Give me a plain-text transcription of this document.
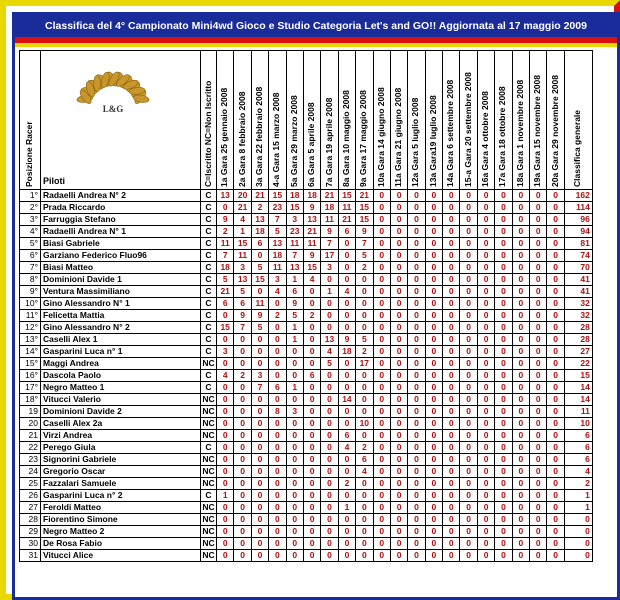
Classifica del 4° Campionato Mini4wd Gioco e Studio Categoria Let's and GO!! Aggiornata al 17 maggio 2009
Posizione Racer	L&G
Piloti	C=Iscritto NC=Non Iscritto	1a Gara 25 gennaio 2008	2a Gara 8 febbraio 2008	3a Gara 22 febbraio 2008	4-a Gara 15 marzo 2008	5a Gara 29 marzo 2008	6a Gara 5 aprile 2008	7a Gara 19 aprile 2008	8a Gara 10 maggio 2008	9a Gara 17 maggio 2008	10a Gara 14 giugno 2008	11a Gara 21 giugno 2008	12a Gara 5 luglio 2008	13a Gara19 luglio 2008	14a Gara 6 settembre 2008	15-a Gara 20 settembre 2008	16a Gara 4 ottobre 2008	17a Gara 18 ottobre 2008	18a Gara 1 novembre 2008	19a Gara 15 novembre 2008	20a Gara 29 novembre 2008	Classifica generale

1°	Radaelli Andrea N° 2	C	13	20	21	15	18	18	21	15	21	0	0	0	0	0	0	0	0	0	0	0	162
2°	Prada Riccardo	C	0	21	2	23	15	9	18	11	15	0	0	0	0	0	0	0	0	0	0	0	114
3°	Farruggia Stefano	C	9	4	13	7	3	13	11	21	15	0	0	0	0	0	0	0	0	0	0	0	96
4°	Radaelli Andrea N° 1	C	2	1	18	5	23	21	9	6	9	0	0	0	0	0	0	0	0	0	0	0	94
5°	Biasi Gabriele	C	11	15	6	13	11	11	7	0	7	0	0	0	0	0	0	0	0	0	0	0	81
6°	Garziano Federico Fluo96	C	7	11	0	18	7	9	17	0	5	0	0	0	0	0	0	0	0	0	0	0	74
7°	Biasi Matteo	C	18	3	5	11	13	15	3	0	2	0	0	0	0	0	0	0	0	0	0	0	70
8°	Dominioni Davide 1	C	5	13	15	3	1	4	0	0	0	0	0	0	0	0	0	0	0	0	0	0	41
9°	Ventura Massimiliano	C	21	5	0	4	6	0	1	4	0	0	0	0	0	0	0	0	0	0	0	0	41
10°	Gino Alessandro N° 1	C	6	6	11	0	9	0	0	0	0	0	0	0	0	0	0	0	0	0	0	0	32
11°	Felicetta Mattia	C	0	9	9	2	5	2	0	0	0	0	0	0	0	0	0	0	0	0	0	0	32
12°	Gino Alessandro N° 2	C	15	7	5	0	1	0	0	0	0	0	0	0	0	0	0	0	0	0	0	0	28
13°	Caselli Alex 1	C	0	0	0	0	1	0	13	9	5	0	0	0	0	0	0	0	0	0	0	0	28
14°	Gasparini Luca n° 1	C	3	0	0	0	0	0	4	18	2	0	0	0	0	0	0	0	0	0	0	0	27
15°	Maggi Andrea	NC	0	0	0	0	0	0	5	0	17	0	0	0	0	0	0	0	0	0	0	0	22
16°	Dascola Paolo	C	4	2	3	0	0	6	0	0	0	0	0	0	0	0	0	0	0	0	0	0	15
17°	Negro Matteo 1	C	0	0	7	6	1	0	0	0	0	0	0	0	0	0	0	0	0	0	0	0	14
18°	Vitucci Valerio	NC	0	0	0	0	0	0	0	14	0	0	0	0	0	0	0	0	0	0	0	0	14
19	Dominioni Davide 2	NC	0	0	0	8	3	0	0	0	0	0	0	0	0	0	0	0	0	0	0	0	11
20	Caselli Alex 2a	NC	0	0	0	0	0	0	0	0	10	0	0	0	0	0	0	0	0	0	0	0	10
21	Virzi Andrea	NC	0	0	0	0	0	0	0	6	0	0	0	0	0	0	0	0	0	0	0	0	6
22	Perego Giula	C	0	0	0	0	0	0	0	4	2	0	0	0	0	0	0	0	0	0	0	0	6
23	Signorini Gabriele	NC	0	0	0	0	0	0	0	0	6	0	0	0	0	0	0	0	0	0	0	0	6
24	Gregorio Oscar	NC	0	0	0	0	0	0	0	0	4	0	0	0	0	0	0	0	0	0	0	0	4
25	Fazzalari Samuele	NC	0	0	0	0	0	0	0	2	0	0	0	0	0	0	0	0	0	0	0	0	2
26	Gasparini Luca n° 2	C	1	0	0	0	0	0	0	0	0	0	0	0	0	0	0	0	0	0	0	0	1
27	Feroldi Matteo	NC	0	0	0	0	0	0	0	1	0	0	0	0	0	0	0	0	0	0	0	0	1
28	Fiorentino Simone	NC	0	0	0	0	0	0	0	0	0	0	0	0	0	0	0	0	0	0	0	0	0
29	Negro Matteo 2	NC	0	0	0	0	0	0	0	0	0	0	0	0	0	0	0	0	0	0	0	0	0
30	De Rosa Fabio	NC	0	0	0	0	0	0	0	0	0	0	0	0	0	0	0	0	0	0	0	0	0
31	Vitucci Alice	NC	0	0	0	0	0	0	0	0	0	0	0	0	0	0	0	0	0	0	0	0	0
